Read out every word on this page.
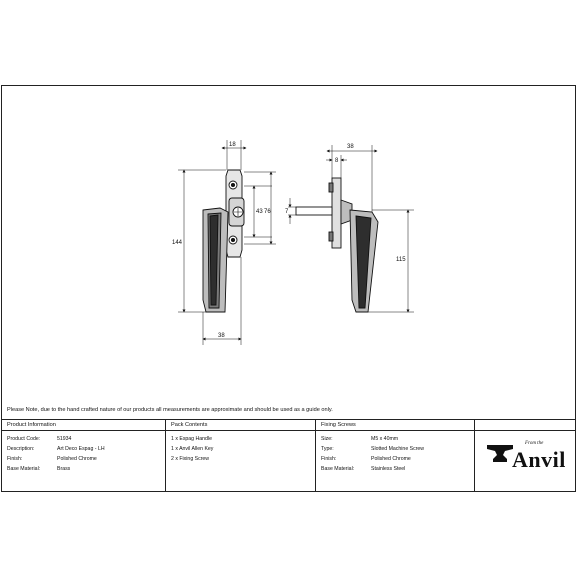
18
144
38
43 76 7
38
8
115
Please Note, due to the hand crafted nature of our products all measurements are approximate and should be used as a guide only.
Product Information
Product Code:	51934
Description:	Art Deco Espag - LH
Finish:	Polished Chrome
Base Material:	Brass
Pack Contents
1 x Espag Handle
1 x Anvil Allen Key
2 x Fixing Screw
Fixing Screws
Size:	M5 x 40mm
Type:	Slotted Machine Screw
Finish:	Polished Chrome
Base Material:	Stainless Steel
From the
Anvil
